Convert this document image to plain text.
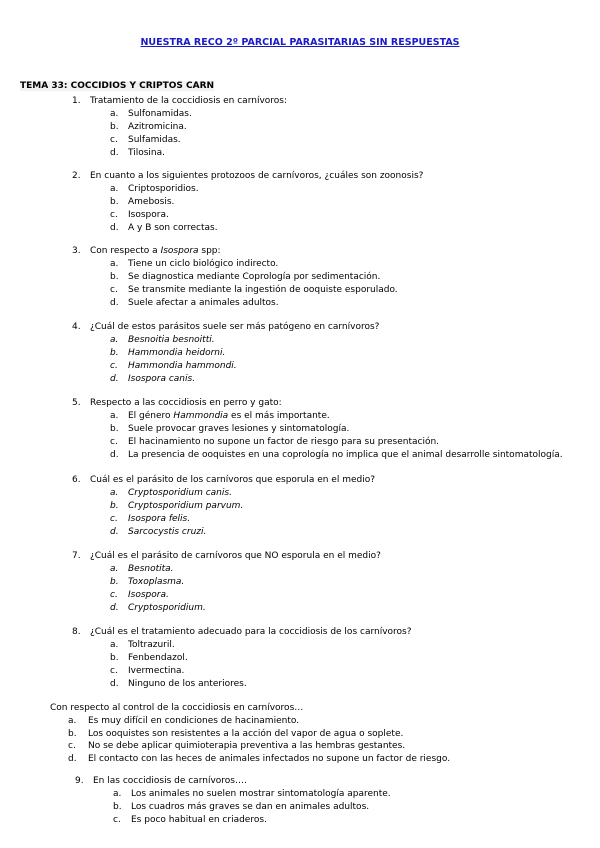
NUESTRA RECO 2º PARCIAL PARASITARIAS SIN RESPUESTAS
TEMA 33: COCCIDIOS Y CRIPTOS CARN
1. Tratamiento de la coccidiosis en carnívoros:
a. Sulfonamidas.
b. Azitromicina.
c. Sulfamidas.
d. Tilosina.
2. En cuanto a los siguientes protozoos de carnívoros, ¿cuáles son zoonosis?
a. Criptosporidios.
b. Amebosis.
c. Isospora.
d. A y B son correctas.
3. Con respecto a Isospora spp:
a. Tiene un ciclo biológico indirecto.
b. Se diagnostica mediante Coprología por sedimentación.
c. Se transmite mediante la ingestión de ooquiste esporulado.
d. Suele afectar a animales adultos.
4. ¿Cuál de estos parásitos suele ser más patógeno en carnívoros?
a. Besnoitia besnoitti.
b. Hammondia heidorni.
c. Hammondia hammondi.
d. Isospora canis.
5. Respecto a las coccidiosis en perro y gato:
a. El género Hammondia es el más importante.
b. Suele provocar graves lesiones y sintomatología.
c. El hacinamiento no supone un factor de riesgo para su presentación.
d. La presencia de ooquistes en una coprología no implica que el animal desarrolle sintomatología.
6. Cuál es el parásito de los carnívoros que esporula en el medio?
a. Cryptosporidium canis.
b. Cryptosporidium parvum.
c. Isospora felis.
d. Sarcocystis cruzi.
7. ¿Cuál es el parásito de carnívoros que NO esporula en el medio?
a. Besnotita.
b. Toxoplasma.
c. Isospora.
d. Cryptosporidium.
8. ¿Cuál es el tratamiento adecuado para la coccidiosis de los carnívoros?
a. Toltrazuril.
b. Fenbendazol.
c. Ivermectina.
d. Ninguno de los anteriores.
Con respecto al control de la coccidiosis en carnívoros…
a. Es muy difícil en condiciones de hacinamiento.
b. Los ooquistes son resistentes a la acción del vapor de agua o soplete.
c. No se debe aplicar quimioterapia preventiva a las hembras gestantes.
d. El contacto con las heces de animales infectados no supone un factor de riesgo.
9. En las coccidiosis de carnívoros….
a. Los animales no suelen mostrar sintomatología aparente.
b. Los cuadros más graves se dan en animales adultos.
c. Es poco habitual en criaderos.
